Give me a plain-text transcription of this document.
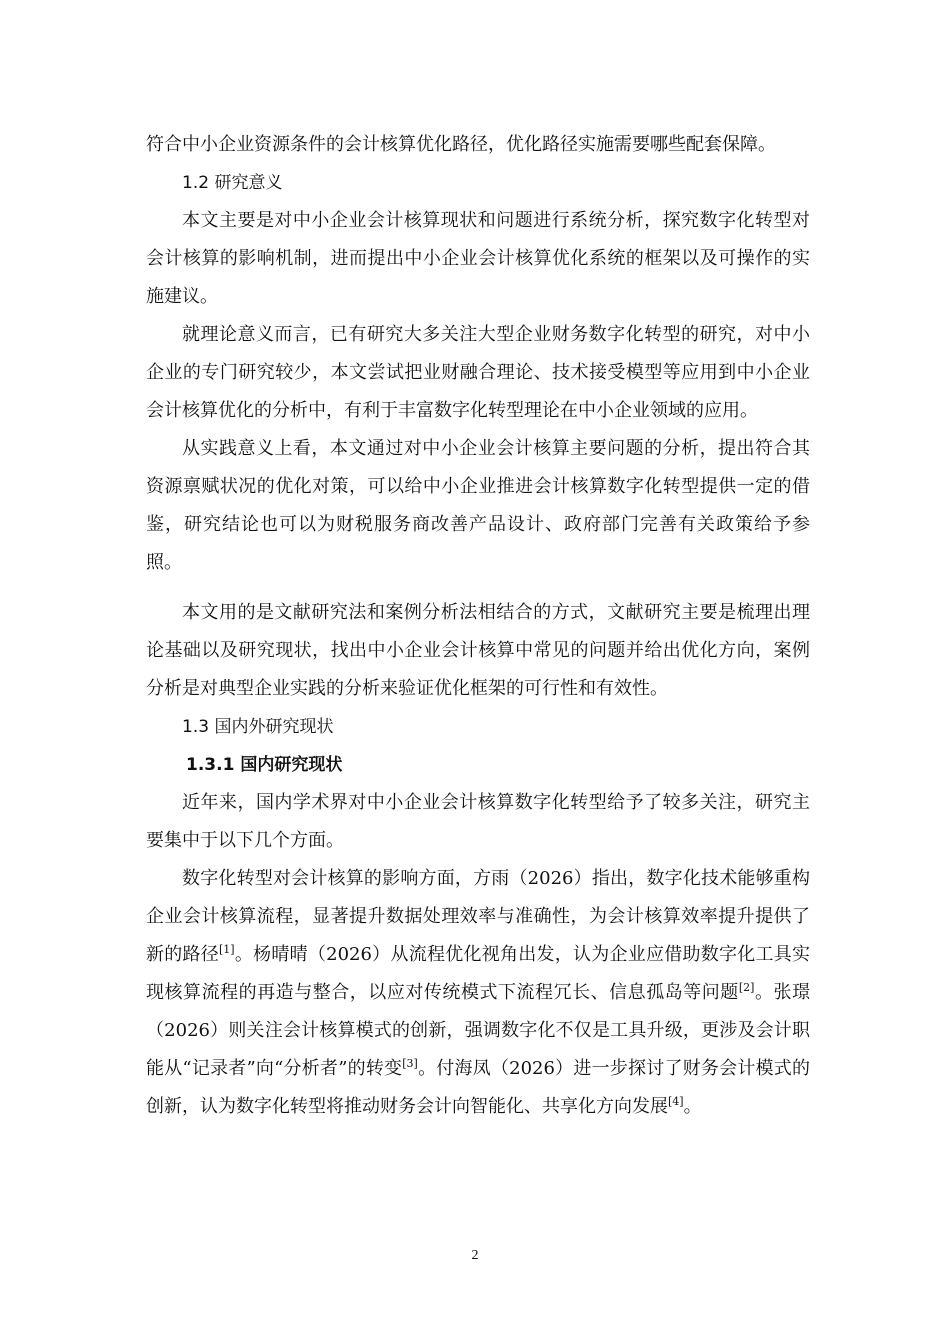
符合中小企业资源条件的会计核算优化路径，优化路径实施需要哪些配套保障。

1.2 研究意义

本文主要是对中小企业会计核算现状和问题进行系统分析，探究数字化转型对会计核算的影响机制，进而提出中小企业会计核算优化系统的框架以及可操作的实施建议。

就理论意义而言，已有研究大多关注大型企业财务数字化转型的研究，对中小企业的专门研究较少，本文尝试把业财融合理论、技术接受模型等应用到中小企业会计核算优化的分析中，有利于丰富数字化转型理论在中小企业领域的应用。

从实践意义上看，本文通过对中小企业会计核算主要问题的分析，提出符合其资源禀赋状况的优化对策，可以给中小企业推进会计核算数字化转型提供一定的借鉴，研究结论也可以为财税服务商改善产品设计、政府部门完善有关政策给予参照。

本文用的是文献研究法和案例分析法相结合的方式，文献研究主要是梳理出理论基础以及研究现状，找出中小企业会计核算中常见的问题并给出优化方向，案例分析是对典型企业实践的分析来验证优化框架的可行性和有效性。

1.3 国内外研究现状

1.3.1 国内研究现状

近年来，国内学术界对中小企业会计核算数字化转型给予了较多关注，研究主要集中于以下几个方面。

数字化转型对会计核算的影响方面，方雨（2026）指出，数字化技术能够重构企业会计核算流程，显著提升数据处理效率与准确性，为会计核算效率提升提供了新的路径[1]。杨晴晴（2026）从流程优化视角出发，认为企业应借助数字化工具实现核算流程的再造与整合，以应对传统模式下流程冗长、信息孤岛等问题[2]。张璟（2026）则关注会计核算模式的创新，强调数字化不仅是工具升级，更涉及会计职能从“记录者”向“分析者”的转变[3]。付海凤（2026）进一步探讨了财务会计模式的创新，认为数字化转型将推动财务会计向智能化、共享化方向发展[4]。

2
